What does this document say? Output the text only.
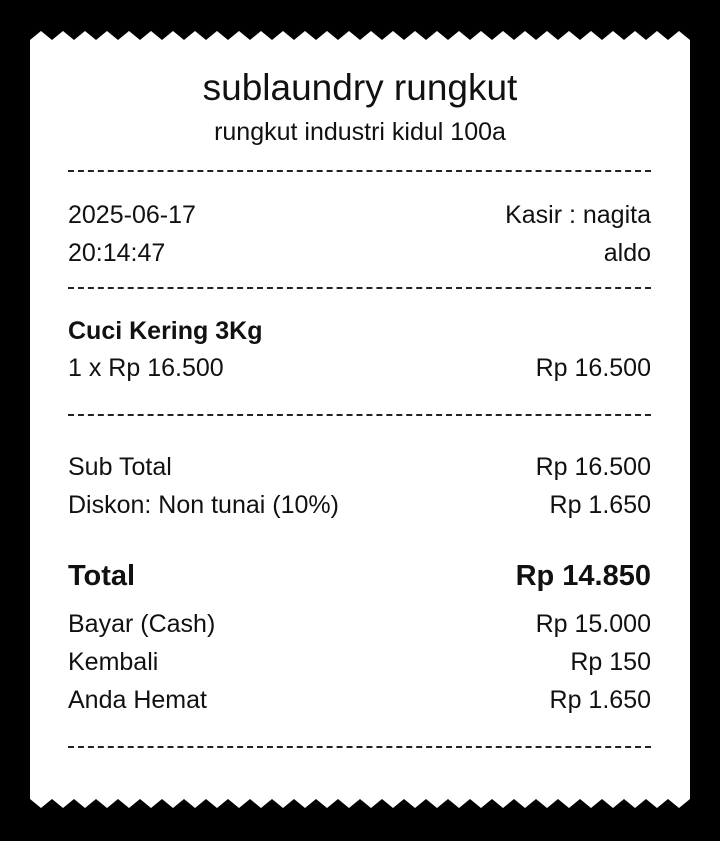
sublaundry rungkut
rungkut industri kidul 100a
2025-06-17	Kasir : nagita
20:14:47	aldo
Cuci Kering 3Kg
1 x Rp 16.500	Rp 16.500
Sub Total	Rp 16.500
Diskon: Non tunai (10%)	Rp 1.650
Total	Rp 14.850
Bayar (Cash)	Rp 15.000
Kembali	Rp 150
Anda Hemat	Rp 1.650
